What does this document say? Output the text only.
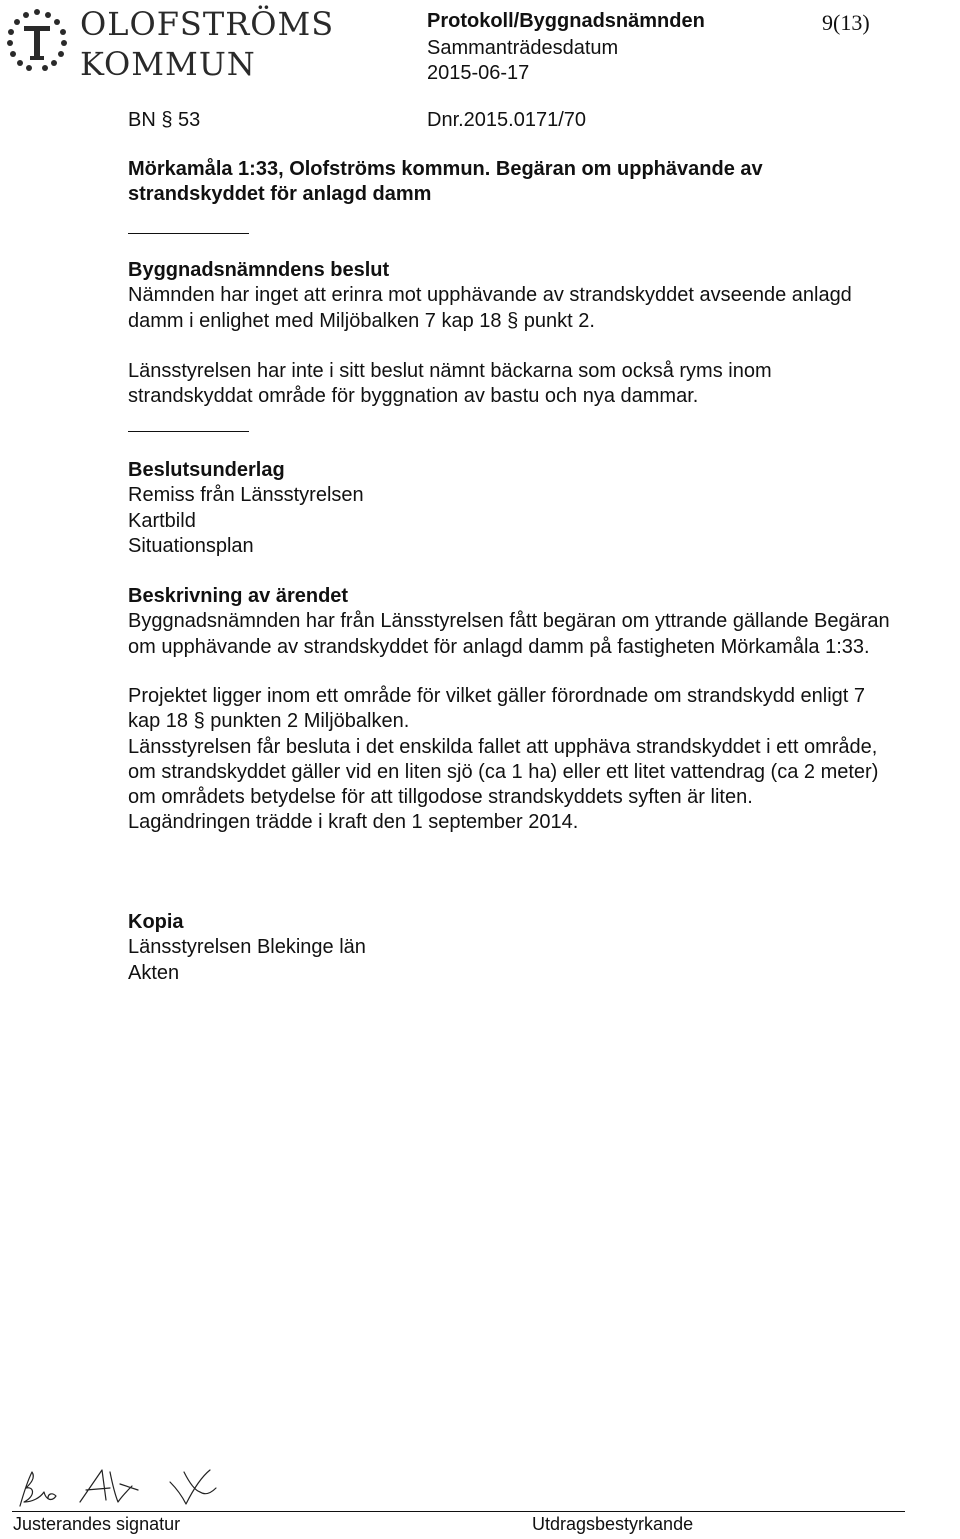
OLOFSTRÖMS
KOMMUN
Protokoll/Byggnadsnämnden
Sammanträdesdatum
2015-06-17
9(13)
BN § 53	Dnr.2015.0171/70
Mörkamåla 1:33, Olofströms kommun. Begäran om upphävande av
strandskyddet för anlagd damm
Byggnadsnämndens beslut
Nämnden har inget att erinra mot upphävande av strandskyddet avseende anlagd
damm i enlighet med Miljöbalken 7 kap 18 § punkt 2.
Länsstyrelsen har inte i sitt beslut nämnt bäckarna som också ryms inom
strandskyddat område för byggnation av bastu och nya dammar.
Beslutsunderlag
Remiss från Länsstyrelsen
Kartbild
Situationsplan
Beskrivning av ärendet
Byggnadsnämnden har från Länsstyrelsen fått begäran om yttrande gällande Begäran
om upphävande av strandskyddet för anlagd damm på fastigheten Mörkamåla 1:33.
Projektet ligger inom ett område för vilket gäller förordnade om strandskydd enligt 7
kap 18 § punkten 2 Miljöbalken.
Länsstyrelsen får besluta i det enskilda fallet att upphäva strandskyddet i ett område,
om strandskyddet gäller vid en liten sjö (ca 1 ha) eller ett litet vattendrag (ca 2 meter)
om områdets betydelse för att tillgodose strandskyddets syften är liten.
Lagändringen trädde i kraft den 1 september 2014.
Kopia
Länsstyrelsen Blekinge län
Akten
Justerandes signatur	Utdragsbestyrkande
